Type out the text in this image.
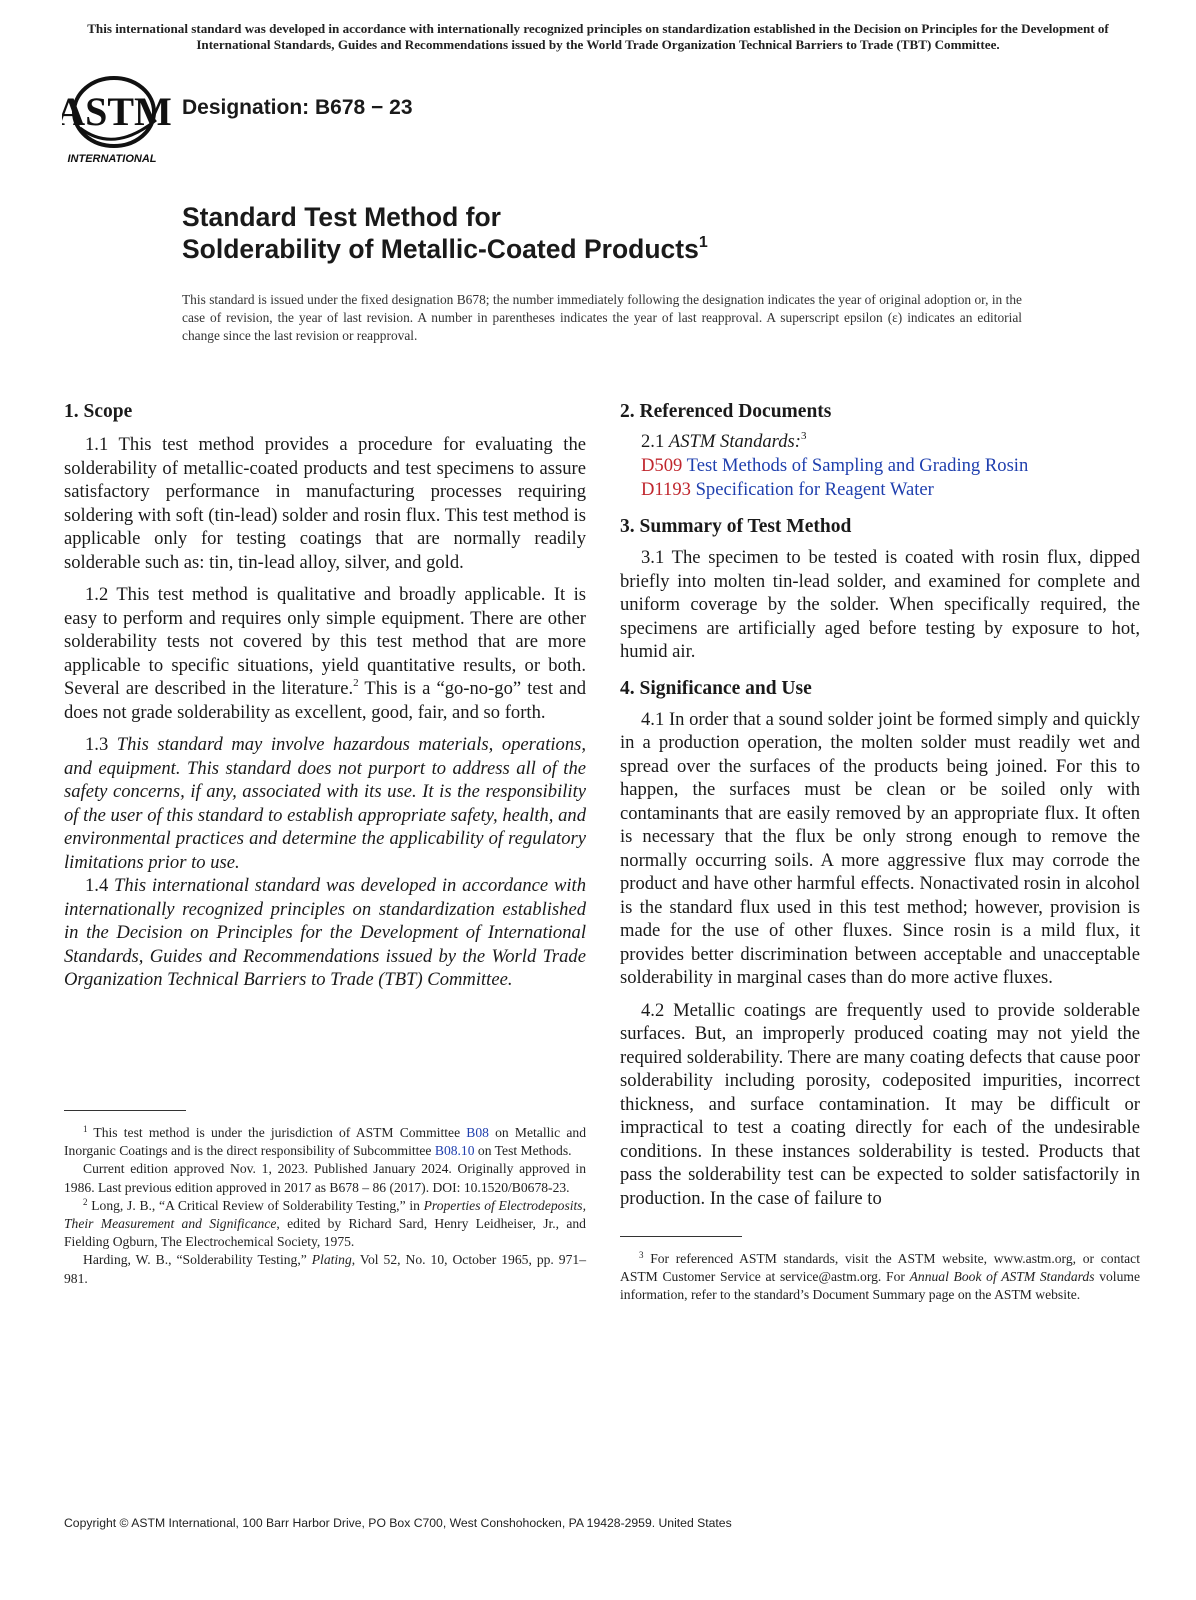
This international standard was developed in accordance with internationally recognized principles on standardization established in the Decision on Principles for the Development of International Standards, Guides and Recommendations issued by the World Trade Organization Technical Barriers to Trade (TBT) Committee.
ASTM
INTERNATIONAL
Designation: B678 − 23
Standard Test Method for
Solderability of Metallic-Coated Products$^1$
This standard is issued under the fixed designation B678; the number immediately following the designation indicates the year of original adoption or, in the case of revision, the year of last revision. A number in parentheses indicates the year of last reapproval. A superscript epsilon (ε) indicates an editorial change since the last revision or reapproval.
1. Scope

1.1 This test method provides a procedure for evaluating the solderability of metallic-coated products and test specimens to assure satisfactory performance in manufacturing processes requiring soldering with soft (tin-lead) solder and rosin flux. This test method is applicable only for testing coatings that are normally readily solderable such as: tin, tin-lead alloy, silver, and gold.

1.2 This test method is qualitative and broadly applicable. It is easy to perform and requires only simple equipment. There are other solderability tests not covered by this test method that are more applicable to specific situations, yield quantitative results, or both. Several are described in the literature.$^2$ This is a “go-no-go” test and does not grade solderability as excellent, good, fair, and so forth.

1.3 This standard may involve hazardous materials, operations, and equipment. This standard does not purport to address all of the safety concerns, if any, associated with its use. It is the responsibility of the user of this standard to establish appropriate safety, health, and environmental practices and determine the applicability of regulatory limitations prior to use.

1.4 This international standard was developed in accordance with internationally recognized principles on standardization established in the Decision on Principles for the Development of International Standards, Guides and Recommendations issued by the World Trade Organization Technical Barriers to Trade (TBT) Committee.

2. Referenced Documents
2.1 ASTM Standards:$^3$
D509 Test Methods of Sampling and Grading Rosin
D1193 Specification for Reagent Water
3. Summary of Test Method

3.1 The specimen to be tested is coated with rosin flux, dipped briefly into molten tin-lead solder, and examined for complete and uniform coverage by the solder. When specifically required, the specimens are artificially aged before testing by exposure to hot, humid air.

4. Significance and Use

4.1 In order that a sound solder joint be formed simply and quickly in a production operation, the molten solder must readily wet and spread over the surfaces of the products being joined. For this to happen, the surfaces must be clean or be soiled only with contaminants that are easily removed by an appropriate flux. It often is necessary that the flux be only strong enough to remove the normally occurring soils. A more aggressive flux may corrode the product and have other harmful effects. Nonactivated rosin in alcohol is the standard flux used in this test method; however, provision is made for the use of other fluxes. Since rosin is a mild flux, it provides better discrimination between acceptable and unacceptable solderability in marginal cases than do more active fluxes.

4.2 Metallic coatings are frequently used to provide solderable surfaces. But, an improperly produced coating may not yield the required solderability. There are many coating defects that cause poor solderability including porosity, codeposited impurities, incorrect thickness, and surface contamination. It may be difficult or impractical to test a coating directly for each of the undesirable conditions. In these instances solderability is tested. Products that pass the solderability test can be expected to solder satisfactorily in production. In the case of failure to

$^1$ This test method is under the jurisdiction of ASTM Committee B08 on Metallic and Inorganic Coatings and is the direct responsibility of Subcommittee B08.10 on Test Methods.

Current edition approved Nov. 1, 2023. Published January 2024. Originally approved in 1986. Last previous edition approved in 2017 as B678 – 86 (2017). DOI: 10.1520/B0678-23.

$^2$ Long, J. B., “A Critical Review of Solderability Testing,” in Properties of Electrodeposits, Their Measurement and Significance, edited by Richard Sard, Henry Leidheiser, Jr., and Fielding Ogburn, The Electrochemical Society, 1975.

Harding, W. B., “Solderability Testing,” Plating, Vol 52, No. 10, October 1965, pp. 971–981.

$^3$ For referenced ASTM standards, visit the ASTM website, www.astm.org, or contact ASTM Customer Service at service@astm.org. For Annual Book of ASTM Standards volume information, refer to the standard’s Document Summary page on the ASTM website.

Copyright © ASTM International, 100 Barr Harbor Drive, PO Box C700, West Conshohocken, PA 19428-2959. United States
